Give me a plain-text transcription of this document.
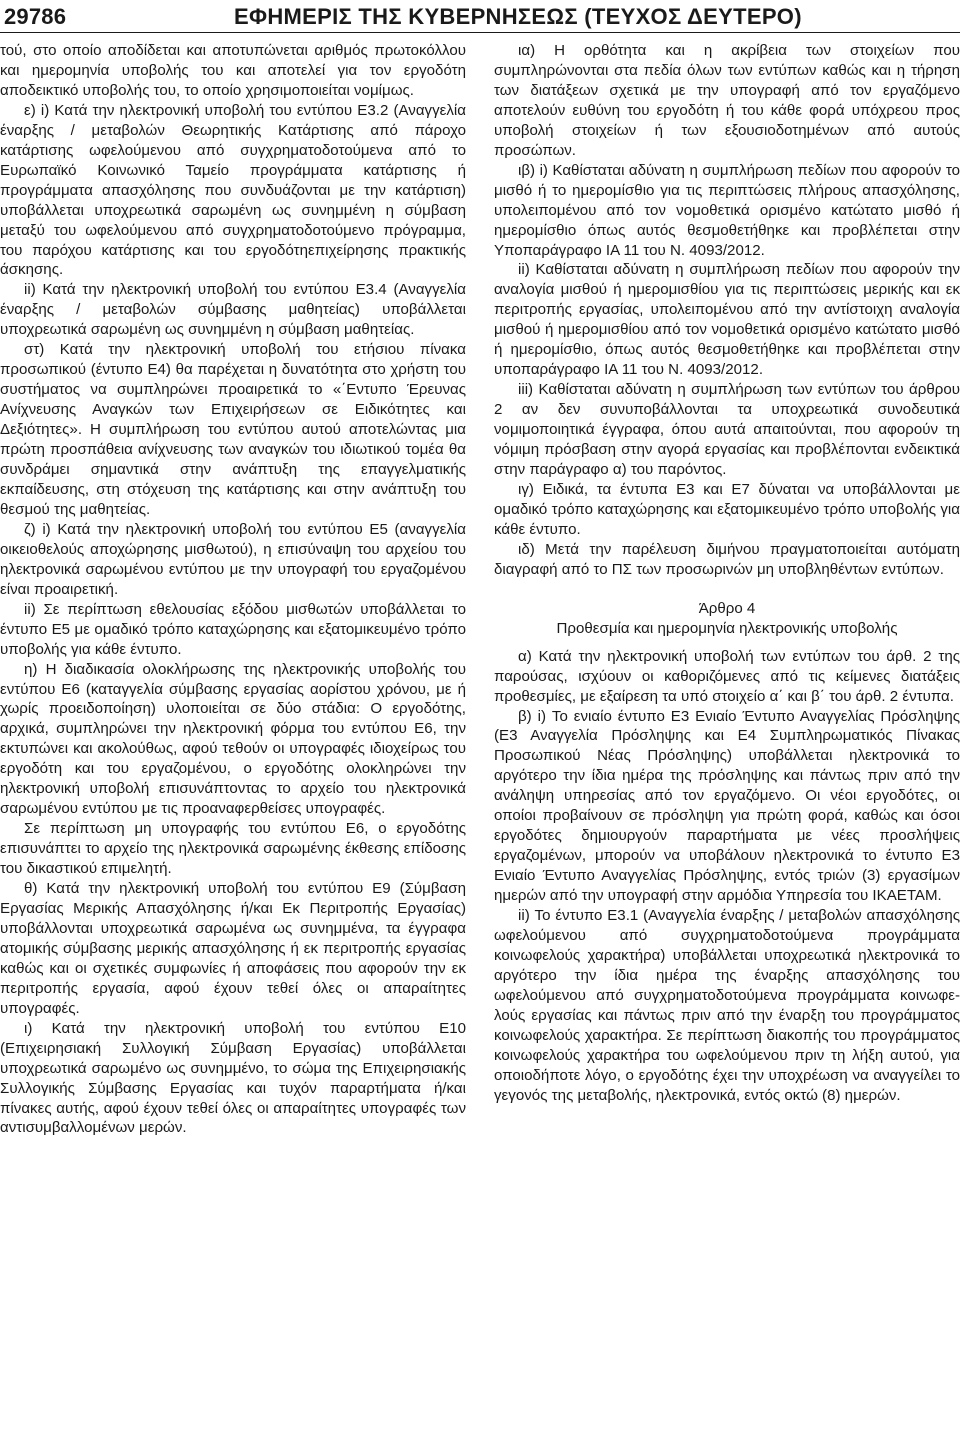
29786	ΕΦΗΜΕΡΙΣ ΤΗΣ ΚΥΒΕΡΝΗΣΕΩΣ (ΤΕΥΧΟΣ ΔΕΥΤΕΡΟ)

τού, στο οποίο αποδίδεται και αποτυπώνεται αριθμός πρωτοκόλλου και ημερομηνία υποβολής του και αποτελεί για τον εργοδότη αποδεικτικό υποβολής του, το οποίο χρησιμοποιείται νομίμως.

ε) i) Κατά την ηλεκτρονική υποβολή του εντύπου Ε3.2 (Αναγγελία έναρξης / μεταβολών Θεωρητικής Κατάρτισης από πάροχο κατάρτισης ωφελούμενου από συγχρηματοδοτούμενα από το Ευρωπαϊκό Κοινωνικό Ταμείο προγράμματα κατάρτισης ή προγράμματα απασχόλησης που συνδυάζονται με την κατάρτιση) υποβάλλεται υποχρεωτικά σαρωμένη ως συνημμένη η σύμβαση μεταξύ του ωφελούμενου από συγχρηματοδοτούμενο πρόγραμμα, του παρόχου κατάρτισης και του εργοδότηεπιχείρησης πρακτικής άσκησης.

ii) Κατά την ηλεκτρονική υποβολή του εντύπου Ε3.4 (Αναγγελία έναρξης / μεταβολών σύμβασης μαθητείας) υποβάλλεται υποχρεωτικά σαρωμένη ως συνημμένη η σύμβαση μαθητείας.

στ) Κατά την ηλεκτρονική υποβολή του ετήσιου πίνακα προσωπικού (έντυπο Ε4) θα παρέχεται η δυνατότητα στο χρήστη του συστήματος να συμπληρώνει προαιρετικά το «΄Εντυπο Έρευνας Ανίχνευσης Αναγκών των Επιχειρήσεων σε Ειδικότητες και Δεξιότητες». Η συμπλήρωση του εντύπου αυτού αποτελώντας μια πρώτη προσπάθεια ανίχνευσης των αναγκών του ιδιωτικού τομέα θα συνδράμει σημαντικά στην ανάπτυξη της επαγγελματικής εκπαίδευσης, στη στόχευση της κατάρτισης και στην ανάπτυξη του θεσμού της μαθητείας.

ζ) i) Κατά την ηλεκτρονική υποβολή του εντύπου Ε5 (αναγγελία οικειοθελούς αποχώρησης μισθωτού), η επισύναψη του αρχείου του ηλεκτρονικά σαρωμένου εντύπου με την υπογραφή του εργαζομένου είναι προαιρετική.

ii) Σε περίπτωση εθελουσίας εξόδου μισθωτών υποβάλλεται το έντυπο Ε5 με ομαδικό τρόπο καταχώρησης και εξατομικευμένο τρόπο υποβολής για κάθε έντυπο.

η) Η διαδικασία ολοκλήρωσης της ηλεκτρονικής υποβολής του εντύπου Ε6 (καταγγελία σύμβασης εργασίας αορίστου χρόνου, με ή χωρίς προειδοποίηση) υλοποιείται σε δύο στάδια: Ο εργοδότης, αρχικά, συμπληρώνει την ηλεκτρονική φόρμα του εντύπου Ε6, την εκτυπώνει και ακολούθως, αφού τεθούν οι υπογραφές ιδιοχείρως του εργοδότη και του εργαζομένου, ο εργοδότης ολοκληρώνει την ηλεκτρονική υποβολή επισυνάπτοντας το αρχείο του ηλεκτρονικά σαρωμένου εντύπου με τις προαναφερθείσες υπογραφές.

Σε περίπτωση μη υπογραφής του εντύπου Ε6, ο εργοδότης επισυνάπτει το αρχείο της ηλεκτρονικά σαρωμένης έκθεσης επίδοσης του δικαστικού επιμελητή.

θ) Κατά την ηλεκτρονική υποβολή του εντύπου Ε9 (Σύμβαση Εργασίας Μερικής Απασχόλησης ή/και Εκ Περιτροπής Εργασίας) υποβάλλονται υποχρεωτικά σαρωμένα ως συνημμένα, τα έγγραφα ατομικής σύμβασης μερικής απασχόλησης ή εκ περιτροπής εργασίας καθώς και οι σχετικές συμφωνίες ή αποφάσεις που αφορούν την εκ περιτροπής εργασία, αφού έχουν τεθεί όλες οι απαραίτητες υπογραφές.

ι) Κατά την ηλεκτρονική υποβολή του εντύπου Ε10 (Επιχειρησιακή Συλλογική Σύμβαση Εργασίας) υποβάλλεται υποχρεωτικά σαρωμένο ως συνημμένο, το σώμα της Επιχειρησιακής Συλλογικής Σύμβασης Εργασίας και τυχόν παραρτήματα ή/και πίνακες αυτής, αφού έχουν τεθεί όλες οι απαραίτητες υπογραφές των αντισυμβαλλομένων μερών.

ια) Η ορθότητα και η ακρίβεια των στοιχείων που συμπληρώνονται στα πεδία όλων των εντύπων καθώς και η τήρηση των διατάξεων σχετικά με την υπογραφή από τον εργαζόμενο αποτελούν ευθύνη του εργοδότη ή του κάθε φορά υπόχρεου προς υποβολή στοιχείων ή των εξουσιοδοτημένων από αυτούς προσώπων.

ιβ) i) Καθίσταται αδύνατη η συμπλήρωση πεδίων που αφορούν το μισθό ή το ημερομίσθιο για τις περιπτώσεις πλήρους απασχόλησης, υπολειπομένου από τον νομοθετικά ορισμένο κατώτατο μισθό ή ημερομίσθιο όπως αυτός θεσμοθετήθηκε και προβλέπεται στην Υποπαράγραφο ΙΑ 11 του Ν. 4093/2012.

ii) Καθίσταται αδύνατη η συμπλήρωση πεδίων που αφορούν την αναλογία μισθού ή ημερομισθίου για τις περιπτώσεις μερικής και εκ περιτροπής εργασίας, υπολειπομένου από την αντίστοιχη αναλογία μισθού ή ημερομισθίου από τον νομοθετικά ορισμένο κατώτατο μισθό ή ημερομίσθιο, όπως αυτός θεσμοθετήθηκε και προβλέπεται στην υποπαράγραφο ΙΑ 11 του Ν. 4093/2012.

iii) Καθίσταται αδύνατη η συμπλήρωση των εντύπων του άρθρου 2 αν δεν συνυποβάλλονται τα υποχρεωτικά συνοδευτικά νομιμοποιητικά έγγραφα, όπου αυτά απαιτούνται, που αφορούν τη νόμιμη πρόσβαση στην αγορά εργασίας και προβλέπονται ενδεικτικά στην παράγραφο α) του παρόντος.

ιγ) Ειδικά, τα έντυπα Ε3 και Ε7 δύναται να υποβάλλονται με ομαδικό τρόπο καταχώρησης και εξατομικευμένο τρόπο υποβολής για κάθε έντυπο.

ιδ) Μετά την παρέλευση διμήνου πραγματοποιείται αυτόματη διαγραφή από το ΠΣ των προσωρινών μη υποβληθέντων εντύπων.

Άρθρο 4

Προθεσμία και ημερομηνία ηλεκτρονικής υποβολής

α) Κατά την ηλεκτρονική υποβολή των εντύπων του άρθ. 2 της παρούσας, ισχύουν οι καθοριζόμενες από τις κείμενες διατάξεις προθεσμίες, με εξαίρεση τα υπό στοιχείο α΄ και β΄ του άρθ. 2 έντυπα.

β) i) Το ενιαίο έντυπο Ε3 Ενιαίο Έντυπο Αναγγελίας Πρόσληψης (Ε3 Αναγγελία Πρόσληψης και Ε4 Συμπληρωματικός Πίνακας Προσωπικού Νέας Πρόσληψης) υποβάλλεται ηλεκτρονικά το αργότερο την ίδια ημέρα της πρόσληψης και πάντως πριν από την ανάληψη υπηρεσίας από τον εργαζόμενο. Οι νέοι εργοδότες, οι οποίοι προβαίνουν σε πρόσληψη για πρώτη φορά, καθώς και όσοι εργοδότες δημιουργούν παραρτήματα με νέες προσλήψεις εργαζομένων, μπορούν να υποβάλουν ηλεκτρονικά το έντυπο Ε3 Ενιαίο Έντυπο Αναγγελίας Πρόσληψης, εντός τριών (3) εργασίμων ημερών από την υπογραφή στην αρμόδια Υπηρεσία του ΙΚΑΕΤΑΜ.

ii) Το έντυπο Ε3.1 (Αναγγελία έναρξης / μεταβολών απασχόλησης ωφελούμενου από συγχρηματοδοτούμενα προγράμματα κοινωφελούς χαρακτήρα) υποβάλλεται υποχρεωτικά ηλεκτρονικά το αργότερο την ίδια ημέρα της έναρξης απασχόλησης του ωφελούμενου από συγχρηματοδοτούμενα προγράμματα κοινωφελούς εργασίας και πάντως πριν από την έναρξη του προγράμματος κοινωφελούς χαρακτήρα. Σε περίπτωση διακοπής του προγράμματος κοινωφελούς χαρακτήρα του ωφελούμενου πριν τη λήξη αυτού, για οποιοδήποτε λόγο, ο εργοδότης έχει την υποχρέωση να αναγγείλει το γεγονός της μεταβολής, ηλεκτρονικά, εντός οκτώ (8) ημερών.
